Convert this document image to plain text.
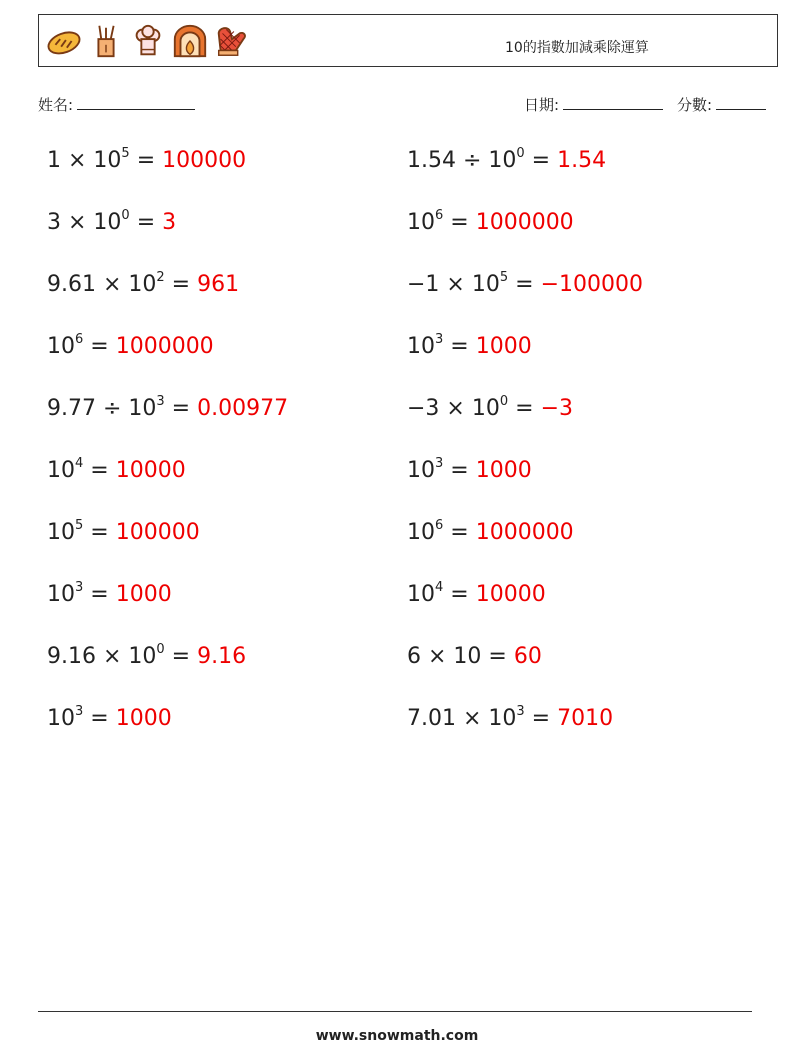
10的指數加減乘除運算
姓名:	日期:	分數:
$1 \times 10^5 = 100000$	$1.54 \div 10^0 = 1.54$
$3 \times 10^0 = 3$	$10^6 = 1000000$
$9.61 \times 10^2 = 961$	$-1 \times 10^5 = -100000$
$10^6 = 1000000$	$10^3 = 1000$
$9.77 \div 10^3 = 0.00977$	$-3 \times 10^0 = -3$
$10^4 = 10000$	$10^3 = 1000$
$10^5 = 100000$	$10^6 = 1000000$
$10^3 = 1000$	$10^4 = 10000$
$9.16 \times 10^0 = 9.16$	6 × 10 = 60
$10^3 = 1000$	$7.01 \times 10^3 = 7010$
www.snowmath.com
